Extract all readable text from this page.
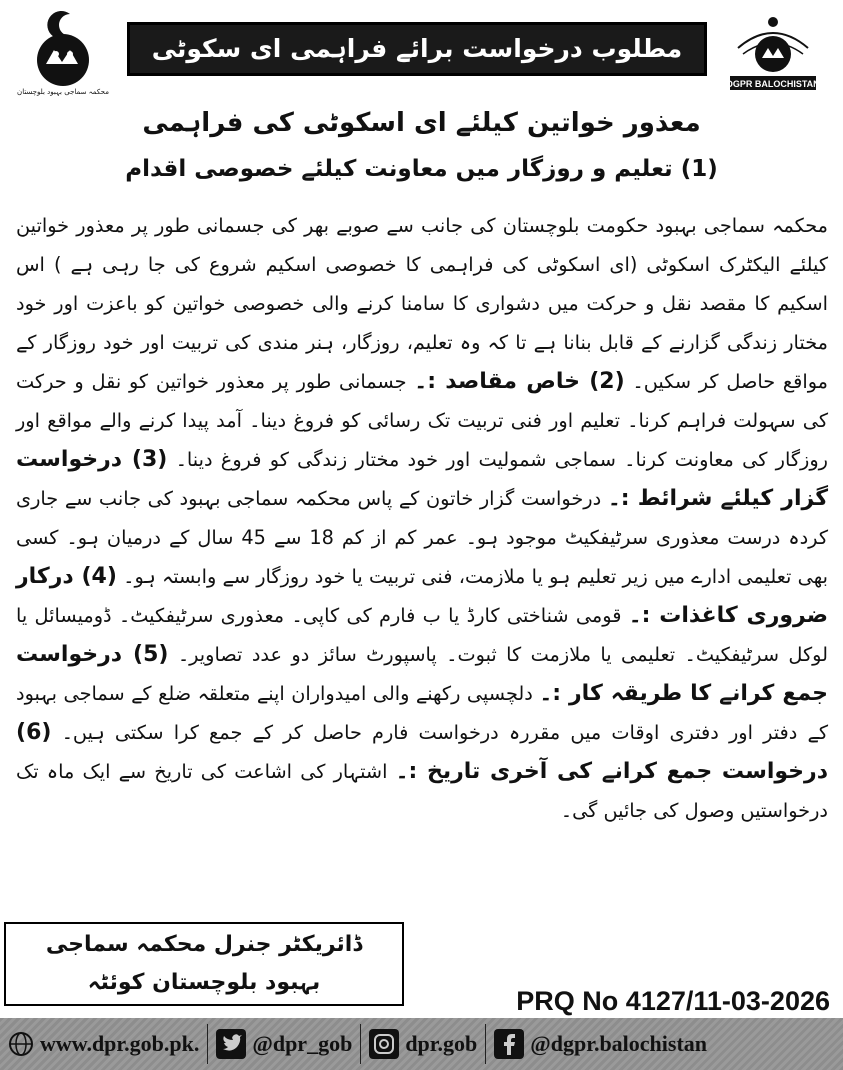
محکمہ سماجی بہبود بلوچستان
مطلوب درخواست برائے فراہمی ای سکوٹی (معذور خواتین)	DGPR BALOCHISTAN
معذور خواتین کیلئے ای اسکوٹی کی فراہمی
(1) تعلیم و روزگار میں معاونت کیلئے خصوصی اقدام
محکمہ سماجی بہبود حکومت بلوچستان کی جانب سے صوبے بھر کی جسمانی طور پر معذور خواتین کیلئے الیکٹرک اسکوٹی (ای اسکوٹی کی فراہمی کا خصوصی اسکیم شروع کی جا رہی ہے ) اس اسکیم کا مقصد نقل و حرکت میں دشواری کا سامنا کرنے والی خصوصی خواتین کو باعزت اور خود مختار زندگی گزارنے کے قابل بنانا ہے تا کہ وہ تعلیم، روزگار، ہنر مندی کی تربیت اور خود روزگار کے مواقع حاصل کر سکیں۔ (2) خاص مقاصد :۔ جسمانی طور پر معذور خواتین کو نقل و حرکت کی سہولت فراہم کرنا۔ تعلیم اور فنی تربیت تک رسائی کو فروغ دینا۔ آمد پیدا کرنے والے مواقع اور روزگار کی معاونت کرنا۔ سماجی شمولیت اور خود مختار زندگی کو فروغ دینا۔ (3) درخواست گزار کیلئے شرائط :۔ درخواست گزار خاتون کے پاس محکمہ سماجی بہبود کی جانب سے جاری کردہ درست معذوری سرٹیفکیٹ موجود ہو۔ عمر کم از کم 18 سے 45 سال کے درمیان ہو۔ کسی بھی تعلیمی ادارے میں زیر تعلیم ہو یا ملازمت، فنی تربیت یا خود روزگار سے وابستہ ہو۔ (4) درکار ضروری کاغذات :۔ قومی شناختی کارڈ یا ب فارم کی کاپی۔ معذوری سرٹیفکیٹ۔ ڈومیسائل یا لوکل سرٹیفکیٹ۔ تعلیمی یا ملازمت کا ثبوت۔ پاسپورٹ سائز دو عدد تصاویر۔ (5) درخواست جمع کرانے کا طریقہ کار :۔ دلچسپی رکھنے والی امیدواران اپنے متعلقہ ضلع کے سماجی بہبود کے دفتر اور دفتری اوقات میں مقررہ درخواست فارم حاصل کر کے جمع کرا سکتی ہیں۔ (6) درخواست جمع کرانے کی آخری تاریخ :۔ اشتہار کی اشاعت کی تاریخ سے ایک ماہ تک درخواستیں وصول کی جائیں گی۔
ڈائریکٹر جنرل محکمہ سماجی
بہبود بلوچستان کوئٹہ
PRQ No 4127/11-03-2026
www.dpr.gob.pk. @dpr_gob dpr.gob @dgpr.balochistan
